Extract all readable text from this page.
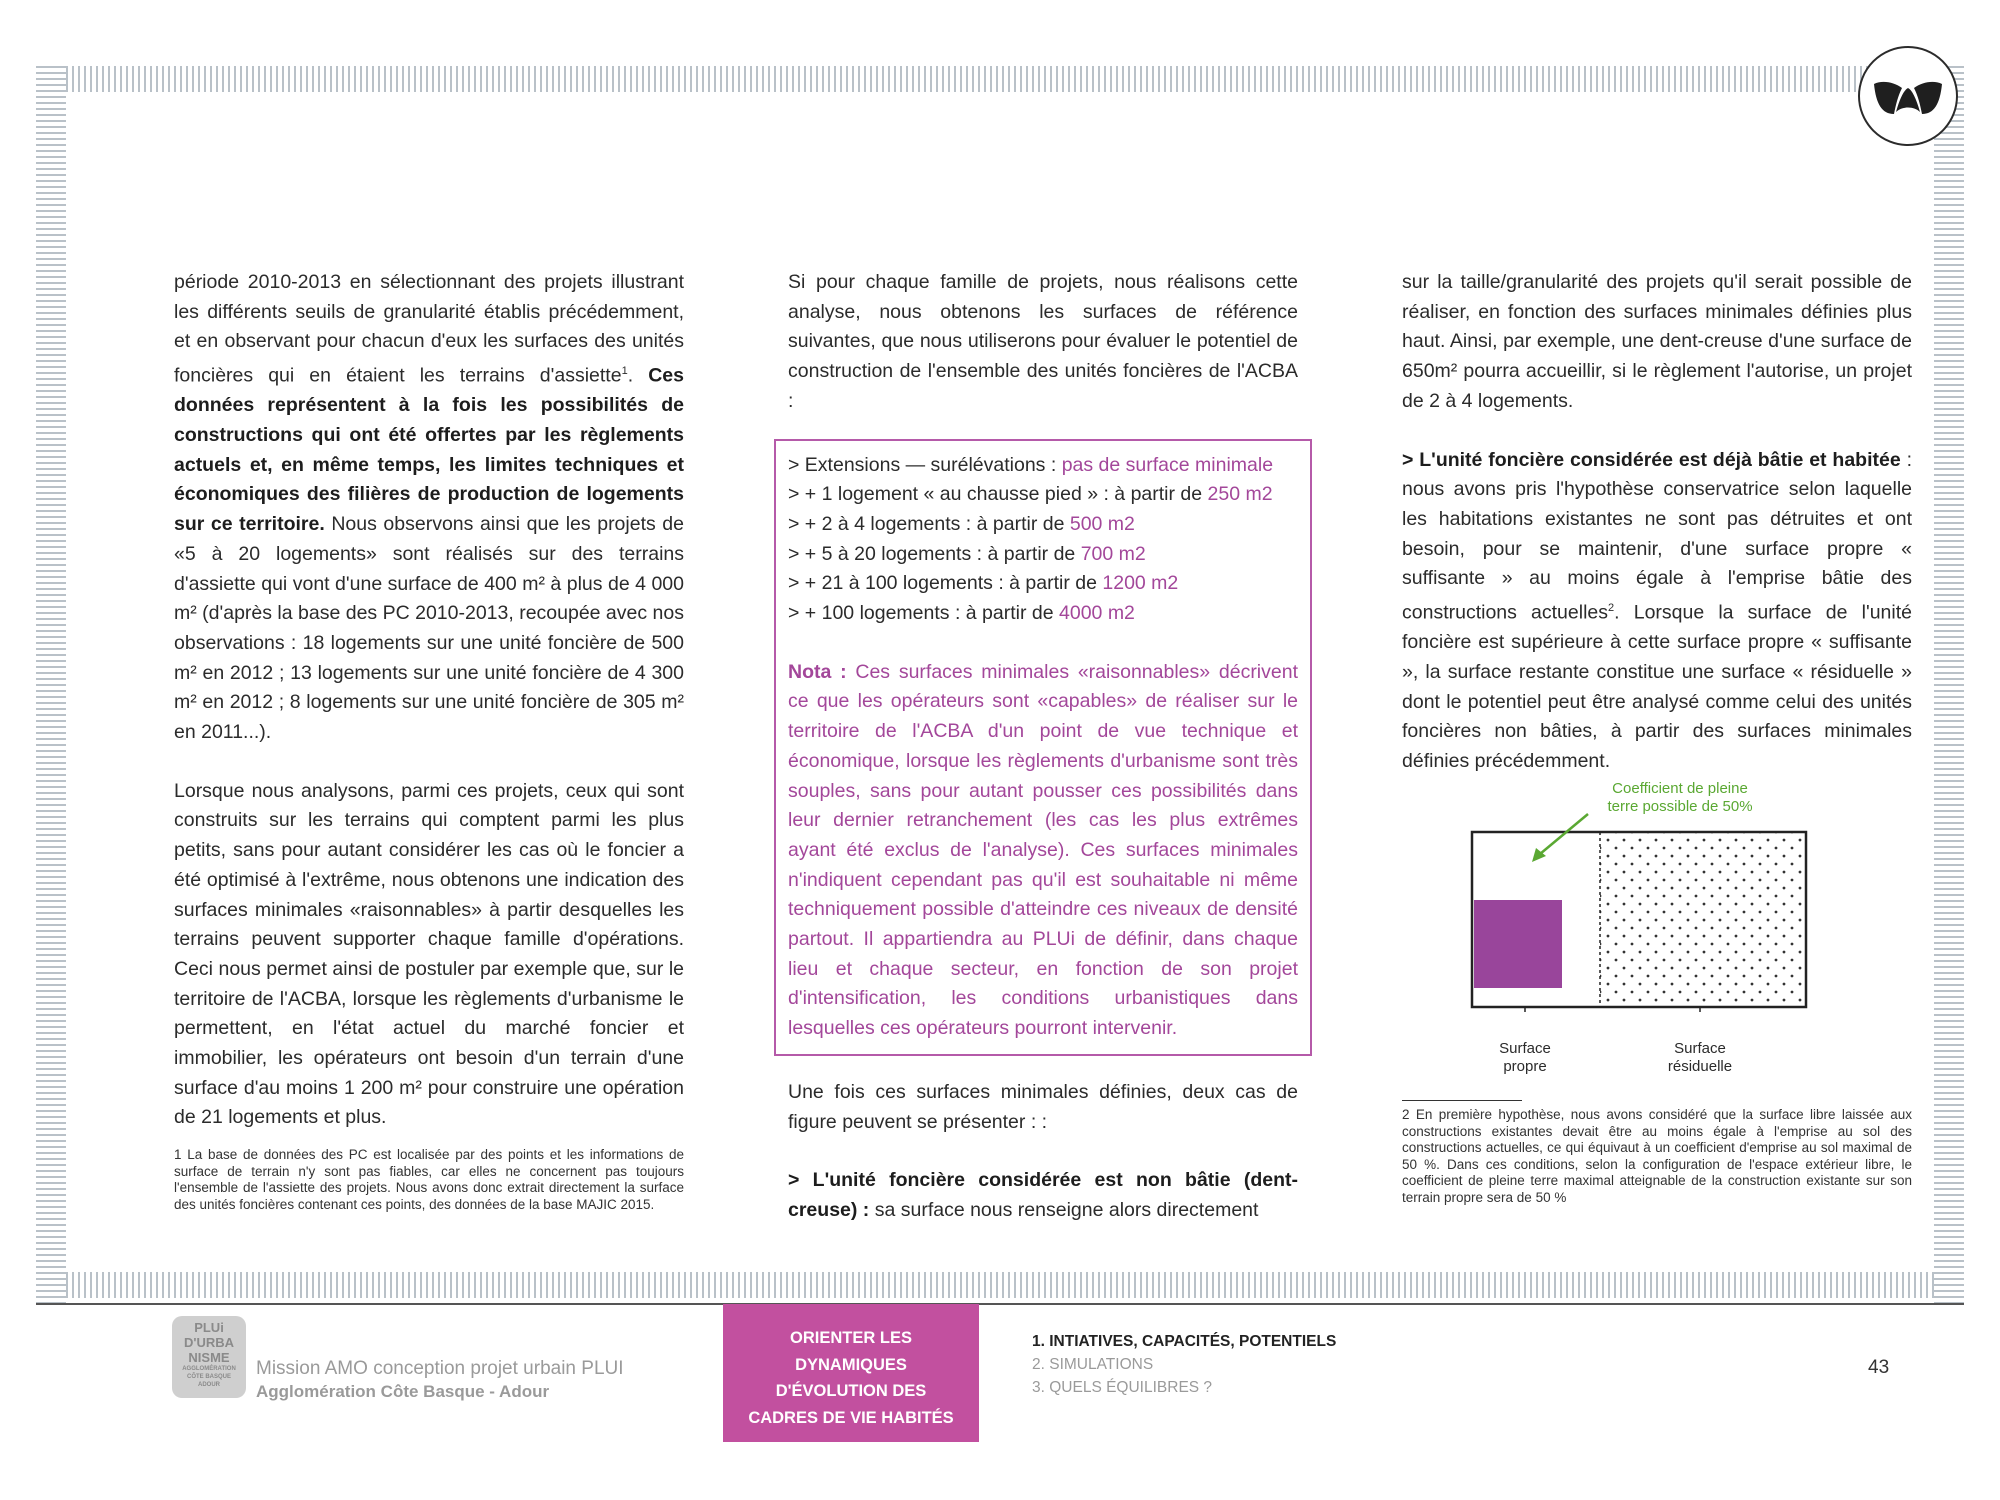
période 2010-2013 en sélectionnant des projets illustrant les différents seuils de granularité établis précédemment, et en observant pour chacun d'eux les surfaces des unités foncières qui en étaient les terrains d'assiette$^1$. Ces données représentent à la fois les possibilités de constructions qui ont été offertes par les règlements actuels et, en même temps, les limites techniques et économiques des filières de production de logements sur ce territoire. Nous observons ainsi que les projets de «5 à 20 logements» sont réalisés sur des terrains d'assiette qui vont d'une surface de 400 m² à plus de 4 000 m² (d'après la base des PC 2010-2013, recoupée avec nos observations : 18 logements sur une unité foncière de 500 m² en 2012 ; 13 logements sur une unité foncière de 4 300 m² en 2012 ; 8 logements sur une unité foncière de 305 m² en 2011...).

Lorsque nous analysons, parmi ces projets, ceux qui sont construits sur les terrains qui comptent parmi les plus petits, sans pour autant considérer les cas où le foncier a été optimisé à l'extrême, nous obtenons une indication des surfaces minimales «raisonnables» à partir desquelles les terrains peuvent supporter chaque famille d'opérations. Ceci nous permet ainsi de postuler par exemple que, sur le territoire de l'ACBA, lorsque les règlements d'urbanisme le permettent, en l'état actuel du marché foncier et immobilier, les opérateurs ont besoin d'un terrain d'une surface d'au moins 1 200 m² pour construire une opération de 21 logements et plus.

1 La base de données des PC est localisée par des points et les informations de surface de terrain n'y sont pas fiables, car elles ne concernent pas toujours l'ensemble de l'assiette des projets. Nous avons donc extrait directement la surface des unités foncières contenant ces points, des données de la base MAJIC 2015.

Si pour chaque famille de projets, nous réalisons cette analyse, nous obtenons les surfaces de référence suivantes, que nous utiliserons pour évaluer le potentiel de construction de l'ensemble des unités foncières de l'ACBA :

> Extensions — surélévations : pas de surface minimale

> + 1 logement « au chausse pied » : à partir de 250 m2

> + 2 à 4 logements : à partir de 500 m2

> + 5 à 20 logements : à partir de 700 m2

> + 21 à 100 logements : à partir de 1200 m2

> + 100 logements : à partir de 4000 m2

Nota : Ces surfaces minimales «raisonnables» décrivent ce que les opérateurs sont «capables» de réaliser sur le territoire de l'ACBA d'un point de vue technique et économique, lorsque les règlements d'urbanisme sont très souples, sans pour autant pousser ces possibilités dans leur dernier retranchement (les cas les plus extrêmes ayant été exclus de l'analyse). Ces surfaces minimales n'indiquent cependant pas qu'il est souhaitable ni même techniquement possible d'atteindre ces niveaux de densité partout. Il appartiendra au PLUi de définir, dans chaque lieu et chaque secteur, en fonction de son projet d'intensification, les conditions urbanistiques dans lesquelles ces opérateurs pourront intervenir.

Une fois ces surfaces minimales définies, deux cas de figure peuvent se présenter : :

> L'unité foncière considérée est non bâtie (dent-creuse) : sa surface nous renseigne alors directement

sur la taille/granularité des projets qu'il serait possible de réaliser, en fonction des surfaces minimales définies plus haut. Ainsi, par exemple, une dent-creuse d'une surface de 650m² pourra accueillir, si le règlement l'autorise, un projet de 2 à 4 logements.

> L'unité foncière considérée est déjà bâtie et habitée : nous avons pris l'hypothèse conservatrice selon laquelle les habitations existantes ne sont pas détruites et ont besoin, pour se maintenir, d'une surface propre « suffisante » au moins égale à l'emprise bâtie des constructions actuelles$^2$. Lorsque la surface de l'unité foncière est supérieure à cette surface propre « suffisante », la surface restante constitue une surface « résiduelle » dont le potentiel peut être analysé comme celui des unités foncières non bâties, à partir des surfaces minimales définies précédemment.

Coefficient de pleine
terre possible de 50%
Surface
propre
Surface
résiduelle

2 En première hypothèse, nous avons considéré que la surface libre laissée aux constructions existantes devait être au moins égale à l'emprise au sol des constructions actuelles, ce qui équivaut à un coefficient d'emprise au sol maximal de 50 %. Dans ces conditions, selon la configuration de l'espace extérieur libre, le coefficient de pleine terre maximal atteignable de la construction existante sur son terrain propre sera de 50 %

PLUi
D'URBA
NISME
AGGLOMÉRATION
CÔTE BASQUE
ADOUR
Mission AMO conception projet urbain PLUI
Agglomération Côte Basque - Adour
ORIENTER LES DYNAMIQUES D'ÉVOLUTION DES CADRES DE VIE HABITÉS
1. INTIATIVES, CAPACITÉS, POTENTIELS
2. SIMULATIONS
3. QUELS ÉQUILIBRES ?
43
